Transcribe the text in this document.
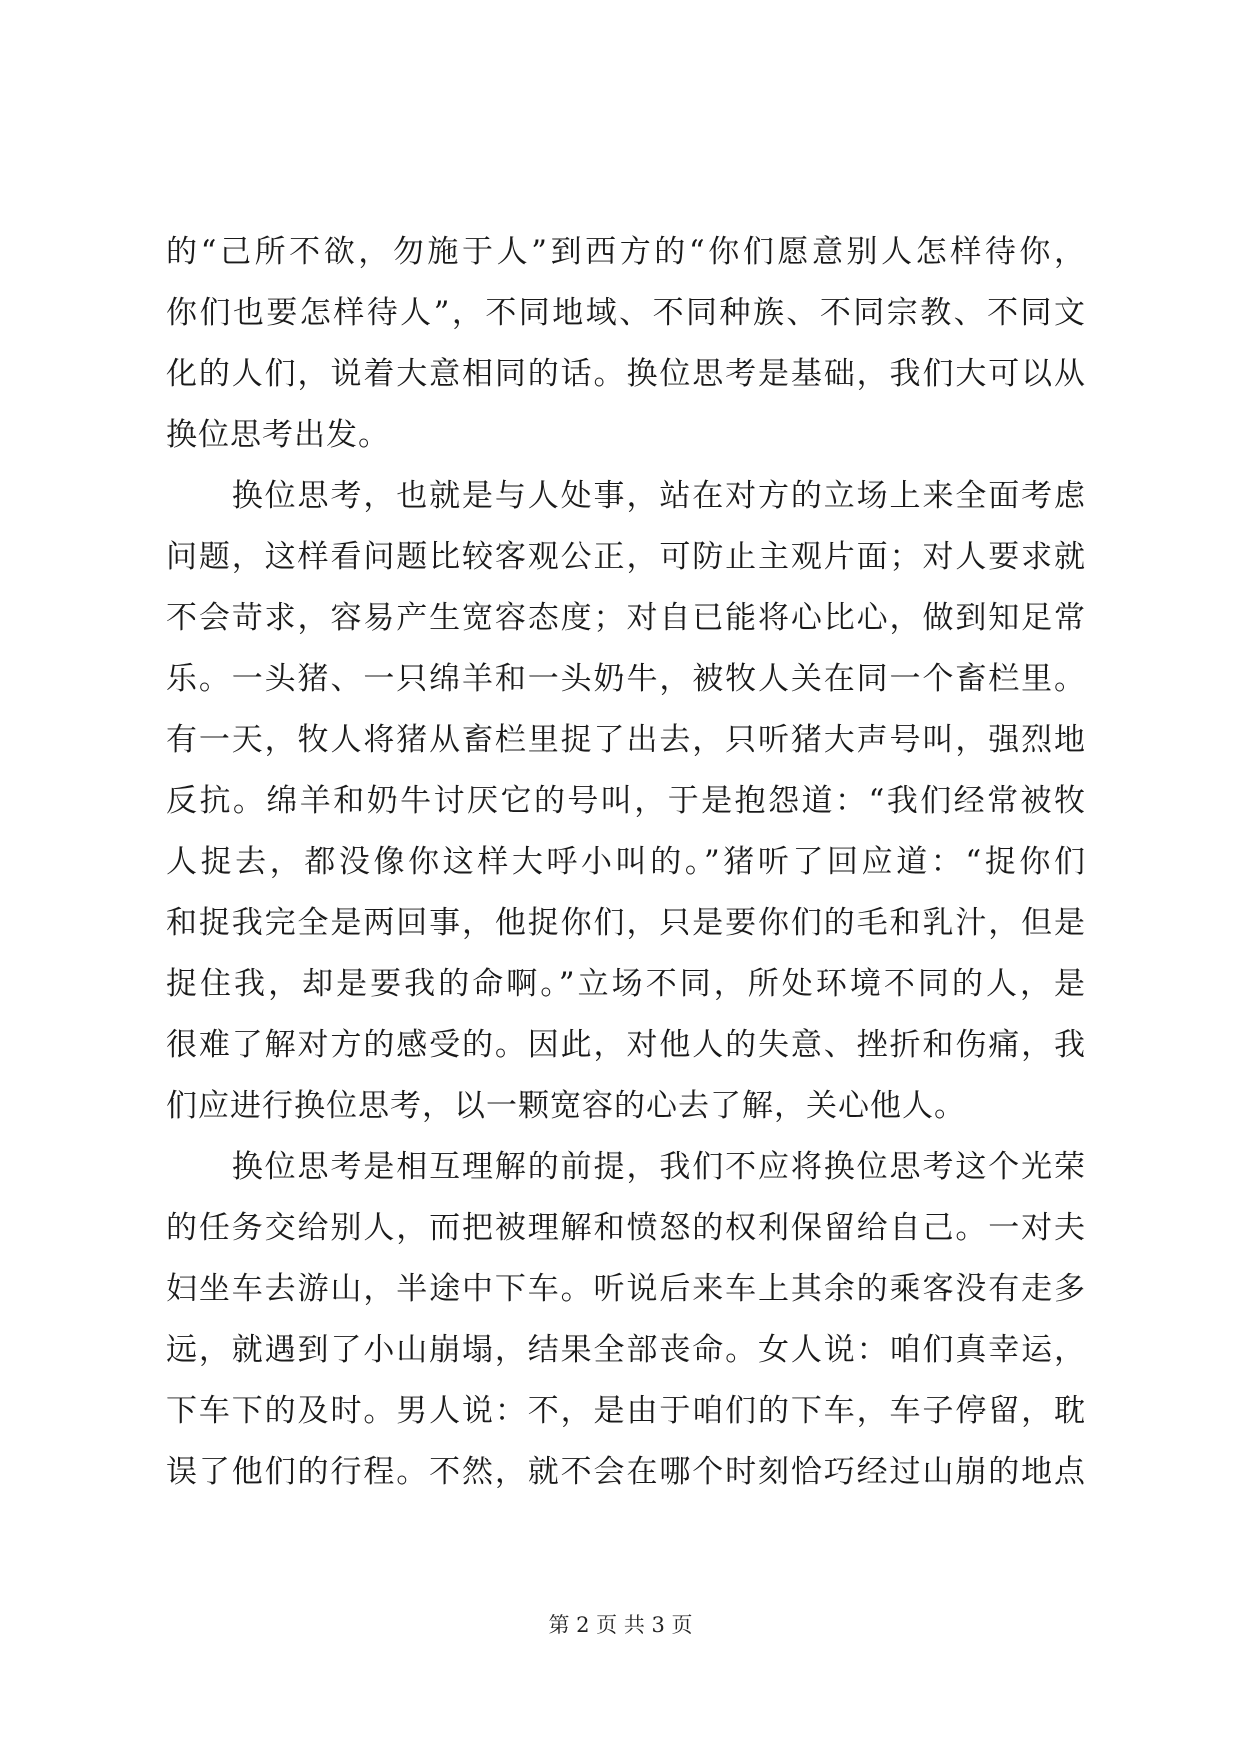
的“己所不欲，勿施于人”到西方的“你们愿意别人怎样待你，
你们也要怎样待人”，不同地域、不同种族、不同宗教、不同文
化的人们，说着大意相同的话。换位思考是基础，我们大可以从
换位思考出发。
　　换位思考，也就是与人处事，站在对方的立场上来全面考虑
问题，这样看问题比较客观公正，可防止主观片面；对人要求就
不会苛求，容易产生宽容态度；对自已能将心比心，做到知足常
乐。一头猪、一只绵羊和一头奶牛，被牧人关在同一个畜栏里。
有一天，牧人将猪从畜栏里捉了出去，只听猪大声号叫，强烈地
反抗。绵羊和奶牛讨厌它的号叫，于是抱怨道：“我们经常被牧
人捉去，都没像你这样大呼小叫的。”猪听了回应道：“捉你们
和捉我完全是两回事，他捉你们，只是要你们的毛和乳汁，但是
捉住我，却是要我的命啊。”立场不同，所处环境不同的人，是
很难了解对方的感受的。因此，对他人的失意、挫折和伤痛，我
们应进行换位思考，以一颗宽容的心去了解，关心他人。
　　换位思考是相互理解的前提，我们不应将换位思考这个光荣
的任务交给别人，而把被理解和愤怒的权利保留给自己。一对夫
妇坐车去游山，半途中下车。听说后来车上其余的乘客没有走多
远，就遇到了小山崩塌，结果全部丧命。女人说：咱们真幸运，
下车下的及时。男人说：不，是由于咱们的下车，车子停留，耽
误了他们的行程。不然，就不会在哪个时刻恰巧经过山崩的地点
第 2 页 共 3 页
